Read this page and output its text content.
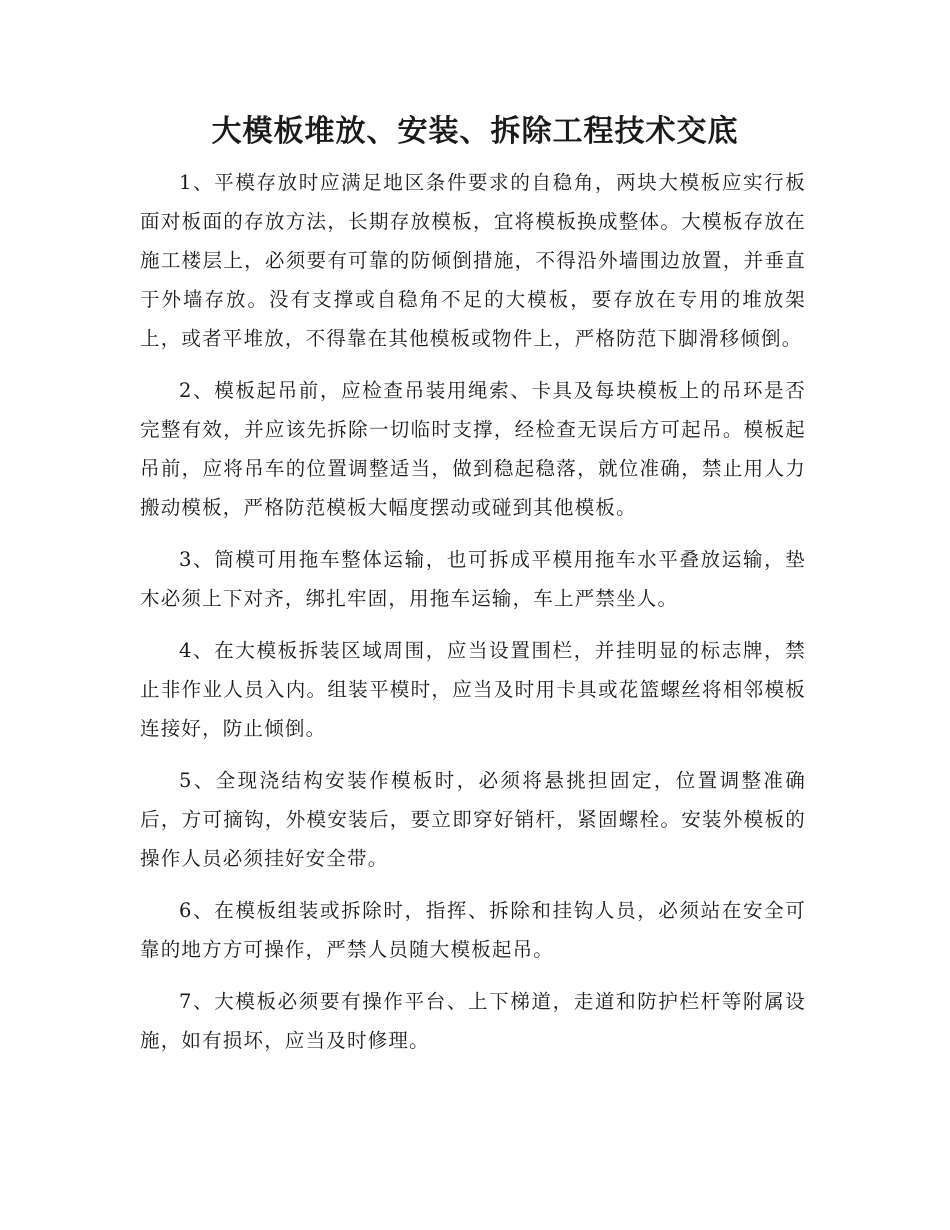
大模板堆放、安装、拆除工程技术交底

1、平模存放时应满足地区条件要求的自稳角，两块大模板应实行板面对板面的存放方法，长期存放模板，宜将模板换成整体。大模板存放在施工楼层上，必须要有可靠的防倾倒措施，不得沿外墙围边放置，并垂直于外墙存放。没有支撑或自稳角不足的大模板，要存放在专用的堆放架上，或者平堆放，不得靠在其他模板或物件上，严格防范下脚滑移倾倒。

2、模板起吊前，应检查吊装用绳索、卡具及每块模板上的吊环是否完整有效，并应该先拆除一切临时支撑，经检查无误后方可起吊。模板起吊前，应将吊车的位置调整适当，做到稳起稳落，就位准确，禁止用人力搬动模板，严格防范模板大幅度摆动或碰到其他模板。

3、筒模可用拖车整体运输，也可拆成平模用拖车水平叠放运输，垫木必须上下对齐，绑扎牢固，用拖车运输，车上严禁坐人。

4、在大模板拆装区域周围，应当设置围栏，并挂明显的标志牌，禁止非作业人员入内。组装平模时，应当及时用卡具或花篮螺丝将相邻模板连接好，防止倾倒。

5、全现浇结构安装作模板时，必须将悬挑担固定，位置调整准确后，方可摘钩，外模安装后，要立即穿好销杆，紧固螺栓。安装外模板的操作人员必须挂好安全带。

6、在模板组装或拆除时，指挥、拆除和挂钩人员，必须站在安全可靠的地方方可操作，严禁人员随大模板起吊。

7、大模板必须要有操作平台、上下梯道，走道和防护栏杆等附属设施，如有损坏，应当及时修理。
